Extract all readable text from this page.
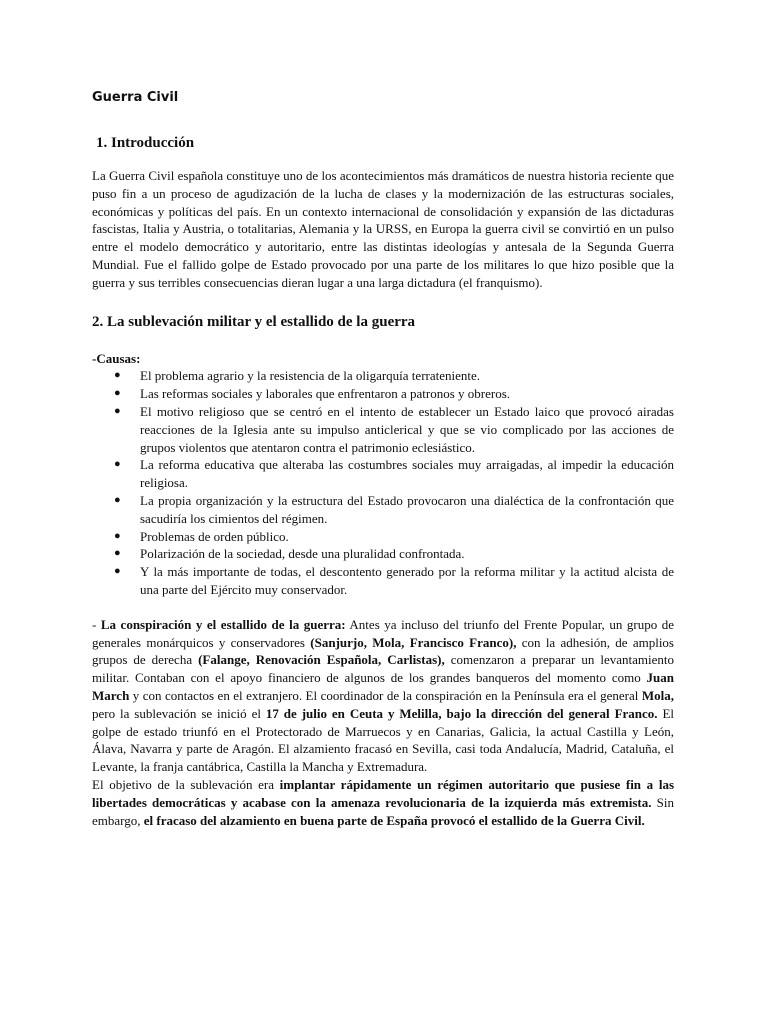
Guerra Civil
1. Introducción

La Guerra Civil española constituye uno de los acontecimientos más dramáticos de nuestra historia reciente que puso fin a un proceso de agudización de la lucha de clases y la modernización de las estructuras sociales, económicas y políticas del país. En un contexto internacional de consolidación y expansión de las dictaduras fascistas, Italia y Austria, o totalitarias, Alemania y la URSS, en Europa la guerra civil se convirtió en un pulso entre el modelo democrático y autoritario, entre las distintas ideologías y antesala de la Segunda Guerra Mundial. Fue el fallido golpe de Estado provocado por una parte de los militares lo que hizo posible que la guerra y sus terribles consecuencias dieran lugar a una larga dictadura (el franquismo).

2. La sublevación militar y el estallido de la guerra
-Causas:
● El problema agrario y la resistencia de la oligarquía terrateniente.
● Las reformas sociales y laborales que enfrentaron a patronos y obreros.
● El motivo religioso que se centró en el intento de establecer un Estado laico que provocó airadas reacciones de la Iglesia ante su impulso anticlerical y que se vio complicado por las acciones de grupos violentos que atentaron contra el patrimonio eclesiástico.
● La reforma educativa que alteraba las costumbres sociales muy arraigadas, al impedir la educación religiosa.
● La propia organización y la estructura del Estado provocaron una dialéctica de la confrontación que sacudiría los cimientos del régimen.
● Problemas de orden público.
● Polarización de la sociedad, desde una pluralidad confrontada.
● Y la más importante de todas, el descontento generado por la reforma militar y la actitud alcista de una parte del Ejército muy conservador.

- La conspiración y el estallido de la guerra: Antes ya incluso del triunfo del Frente Popular, un grupo de generales monárquicos y conservadores (Sanjurjo, Mola, Francisco Franco), con la adhesión, de amplios grupos de derecha (Falange, Renovación Española, Carlistas), comenzaron a preparar un levantamiento militar. Contaban con el apoyo financiero de algunos de los grandes banqueros del momento como Juan March y con contactos en el extranjero. El coordinador de la conspiración en la Península era el general Mola, pero la sublevación se inició el 17 de julio en Ceuta y Melilla, bajo la dirección del general Franco. El golpe de estado triunfó en el Protectorado de Marruecos y en Canarias, Galicia, la actual Castilla y León, Álava, Navarra y parte de Aragón. El alzamiento fracasó en Sevilla, casi toda Andalucía, Madrid, Cataluña, el Levante, la franja cantábrica, Castilla la Mancha y Extremadura.

El objetivo de la sublevación era implantar rápidamente un régimen autoritario que pusiese fin a las libertades democráticas y acabase con la amenaza revolucionaria de la izquierda más extremista. Sin embargo, el fracaso del alzamiento en buena parte de España provocó el estallido de la Guerra Civil.
